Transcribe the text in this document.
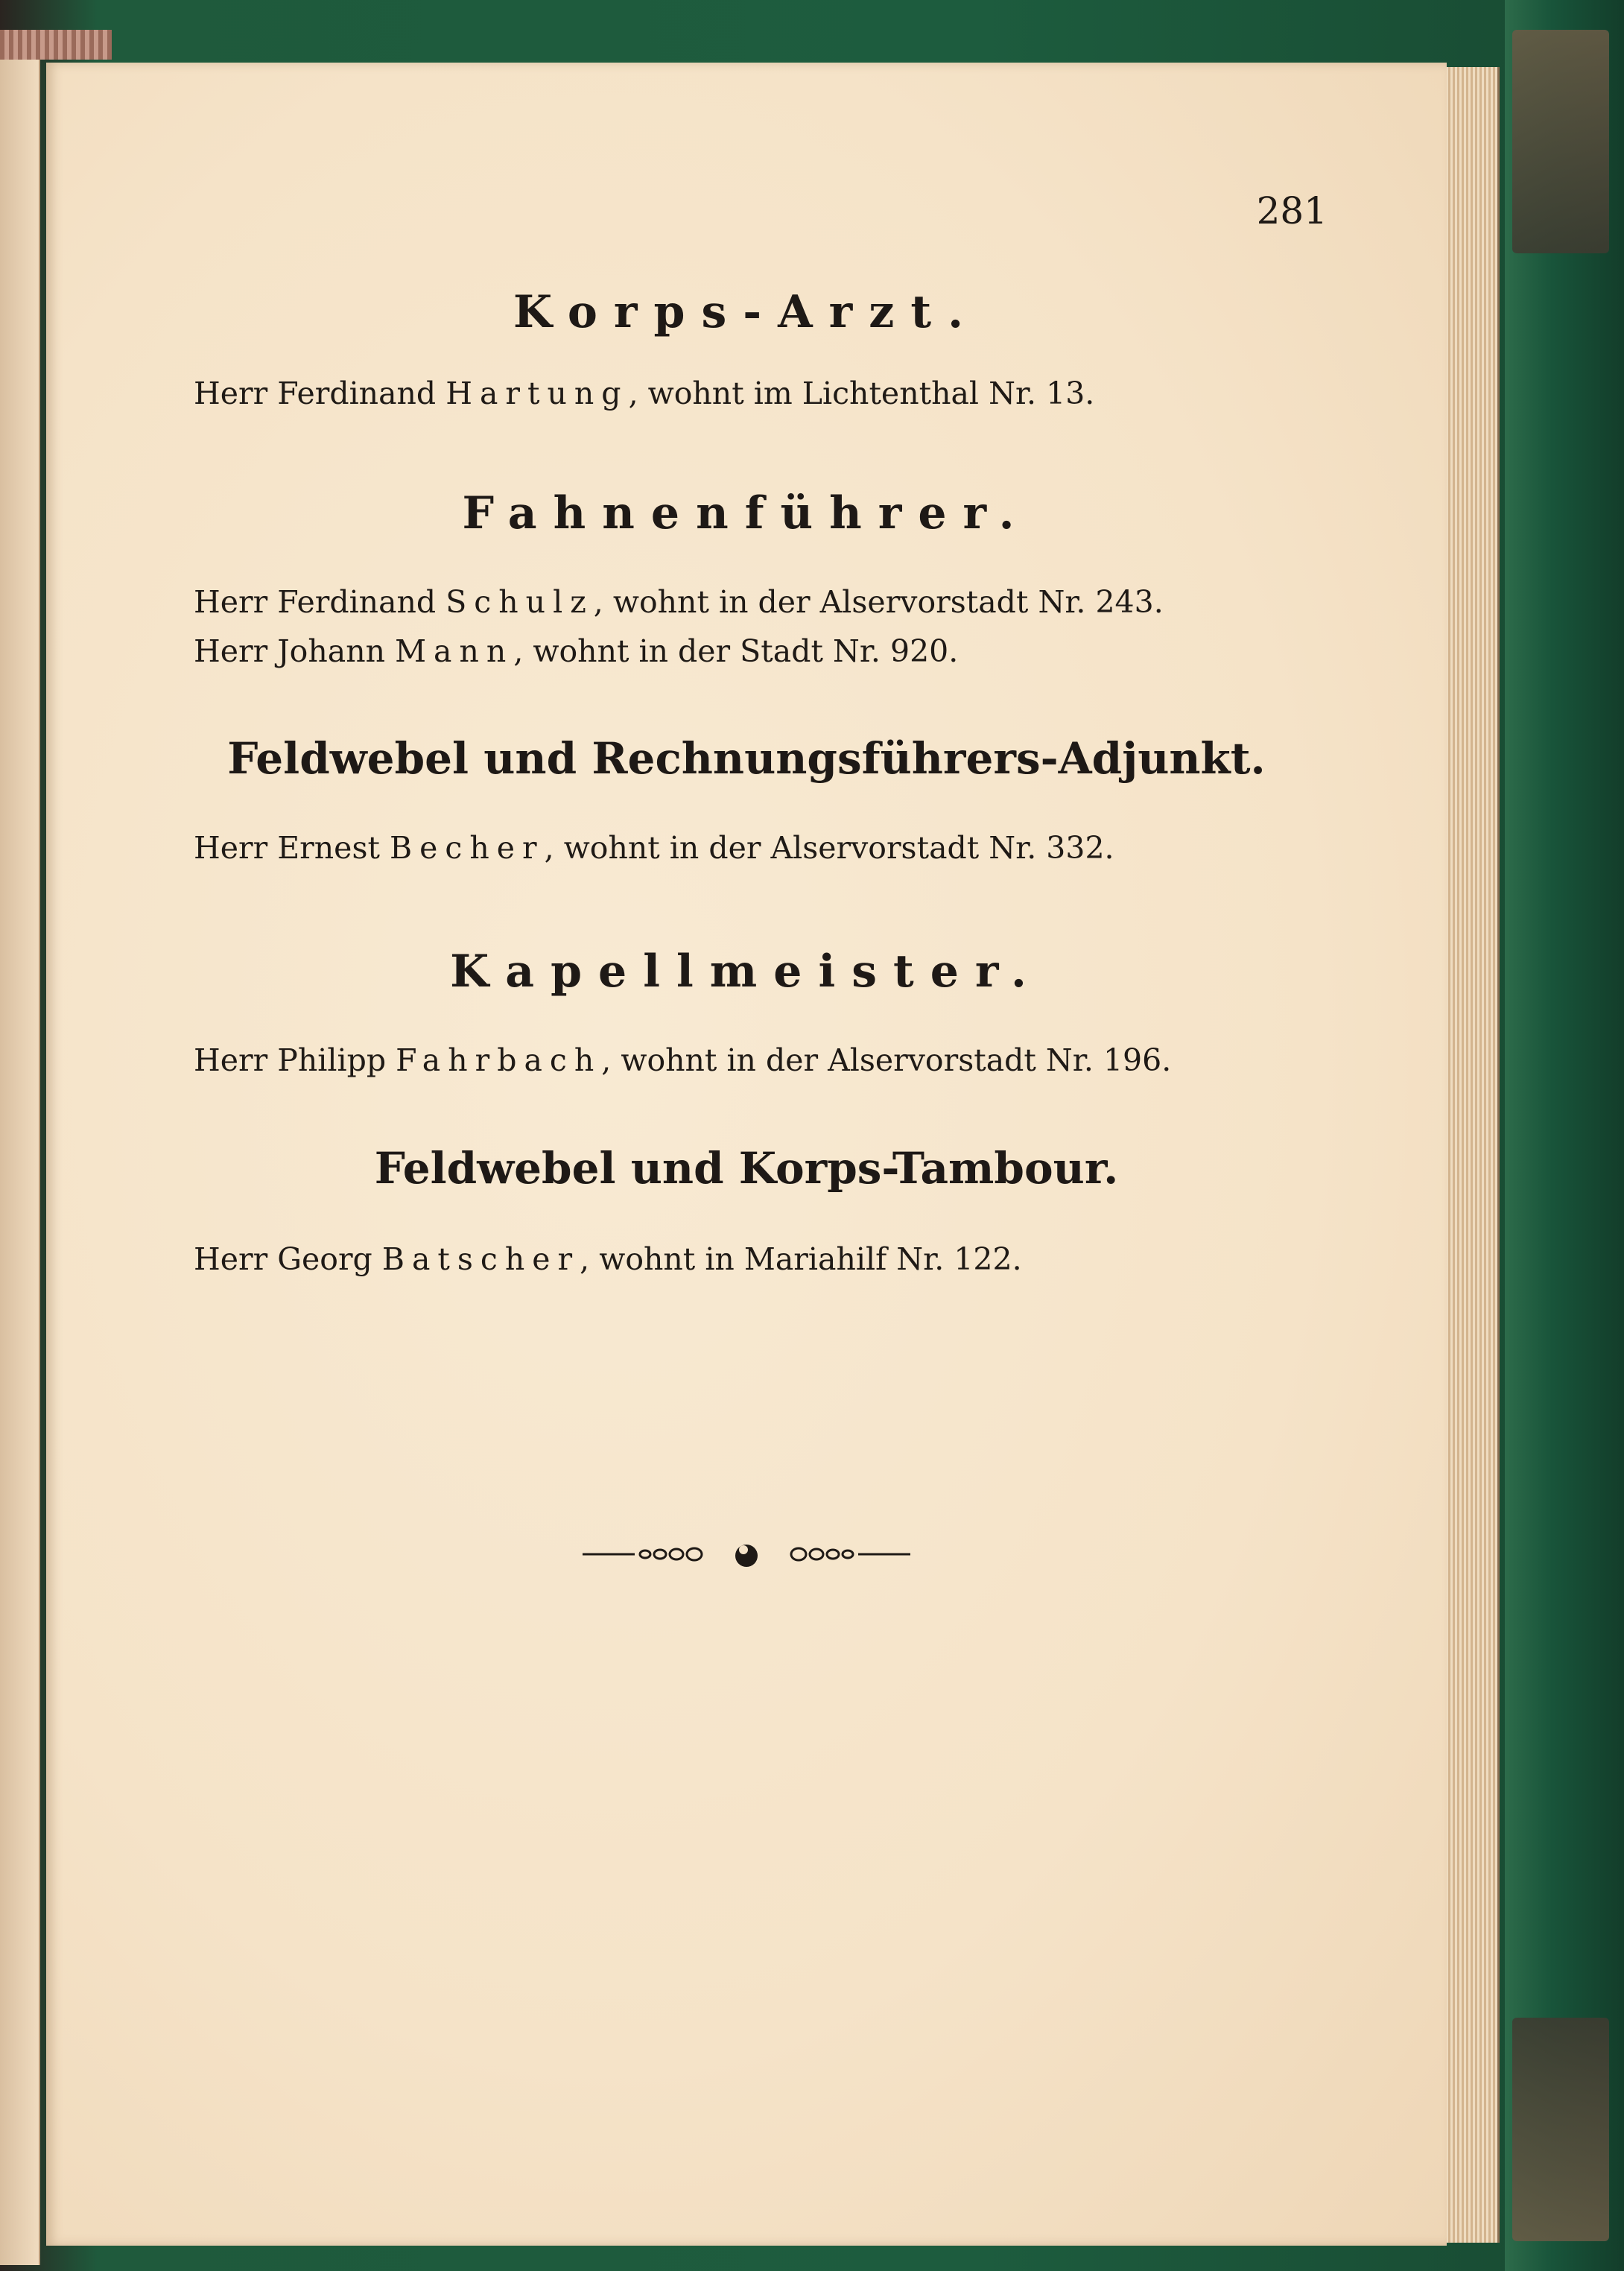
281
Korps-Arzt.
Herr Ferdinand Hartung, wohnt im Lichtenthal Nr. 13.
Fahnenführer.
Herr Ferdinand Schulz, wohnt in der Alservorstadt Nr. 243.
Herr Johann Mann, wohnt in der Stadt Nr. 920.
Feldwebel und Rechnungsführers-Adjunkt.
Herr Ernest Becher, wohnt in der Alservorstadt Nr. 332.
Kapellmeister.
Herr Philipp Fahrbach, wohnt in der Alservorstadt Nr. 196.
Feldwebel und Korps-Tambour.
Herr Georg Batscher, wohnt in Mariahilf Nr. 122.
